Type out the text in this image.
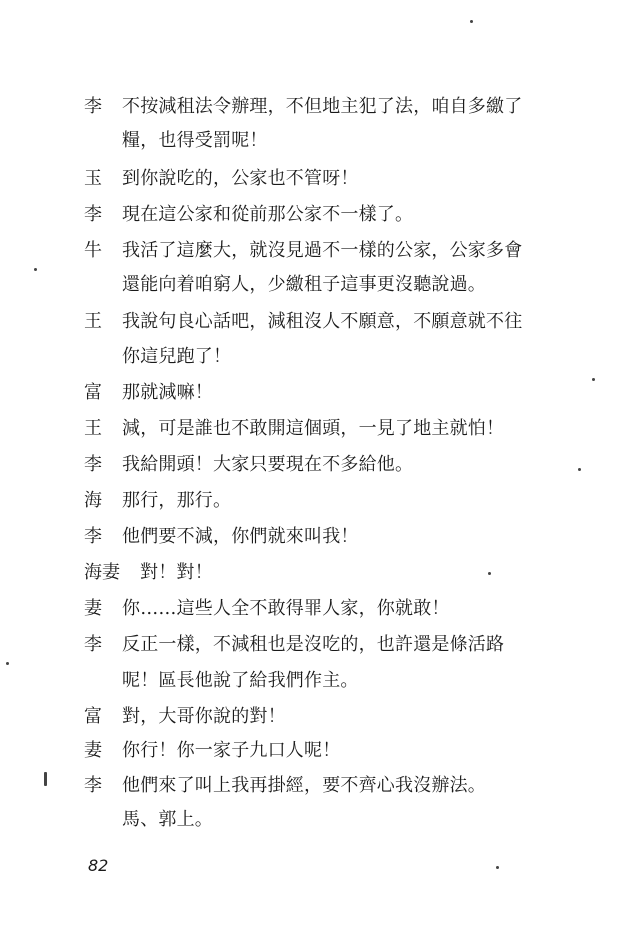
李 不按減租法令辦理，不但地主犯了法，咱自多繳了
糧，也得受罰呢！
玉 到你說吃的，公家也不管呀！
李 現在這公家和從前那公家不一樣了。
牛 我活了這麼大，就沒見過不一樣的公家，公家多會
還能向着咱窮人，少繳租子這事更沒聽說過。
王 我說句良心話吧，減租沒人不願意，不願意就不往
你這兒跑了！
富 那就減嘛！
王 減，可是誰也不敢開這個頭，一見了地主就怕！
李 我給開頭！大家只要現在不多給他。
海 那行，那行。
李 他們要不減，你們就來叫我！
海妻 對！對！
妻 你……這些人全不敢得罪人家，你就敢！
李 反正一樣，不減租也是沒吃的，也許還是條活路
呢！區長他說了給我們作主。
富 對，大哥你說的對！
妻 你行！你一家子九口人呢！
李 他們來了叫上我再掛經，要不齊心我沒辦法。
馬、郭上。
82
